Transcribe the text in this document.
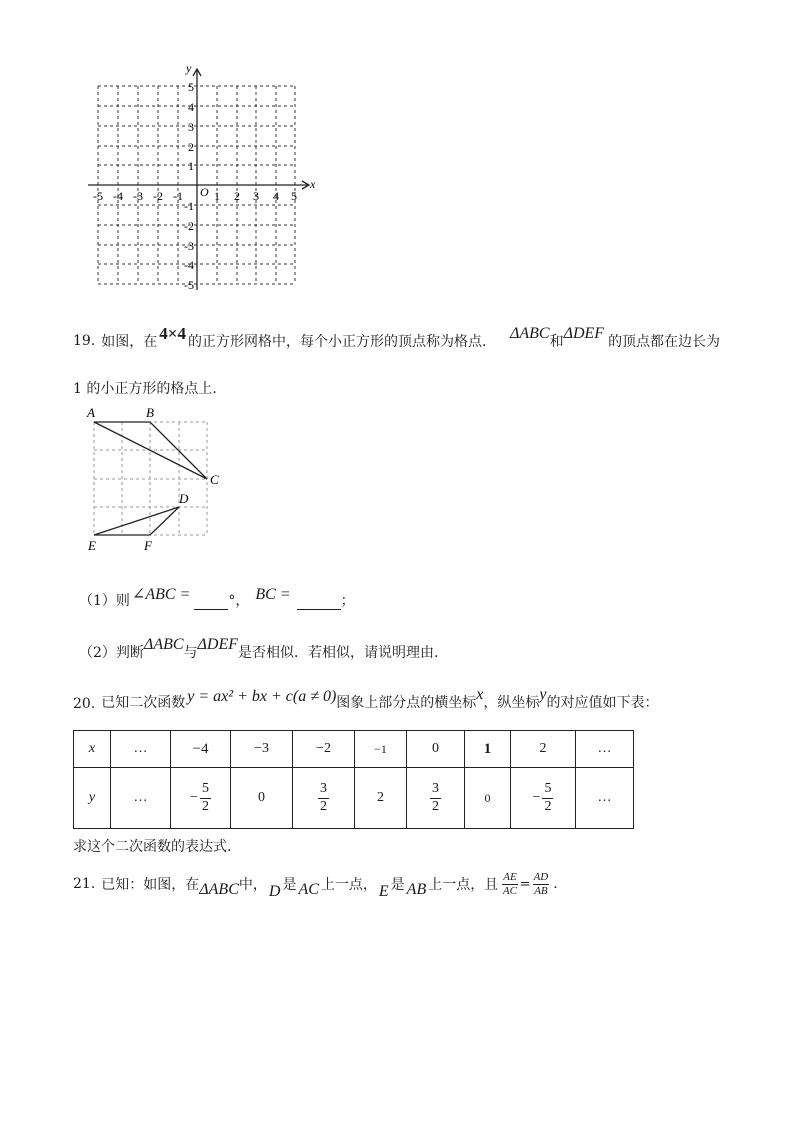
x
y
O
-5 -4 -3 -2 -1	1 2 3 4 5
5
4
3
2
1
-1
-2
-3
-4
-5
19. 如图，在 4×4 的正方形网格中，每个小正方形的顶点称为格点． ΔABC 和 ΔDEF 的顶点都在边长为
1 的小正方形的格点上．
A	B
C
D
E	F
（1）则 ∠ABC =	°， BC =	；
（2）判断 ΔABC 与 ΔDEF 是否相似．若相似，请说明理由.
20. 已知二次函数 y = ax² + bx + c(a ≠ 0) 图象上部分点的横坐标 x ，纵坐标 y 的对应值如下表：
x	…	−4	−3	−2	−1	0	1	2	…
y	…	− $\frac{5}{2}$	0	$\frac{3}{2}$	2	$\frac{3}{2}$	0	− $\frac{5}{2}$	…
求这个二次函数的表达式.
21. 已知：如图，在 ΔABC 中， D 是 AC 上一点， E 是 AB 上一点，且 $\frac{AE}{AC} = \frac{AD}{AB}$ .
